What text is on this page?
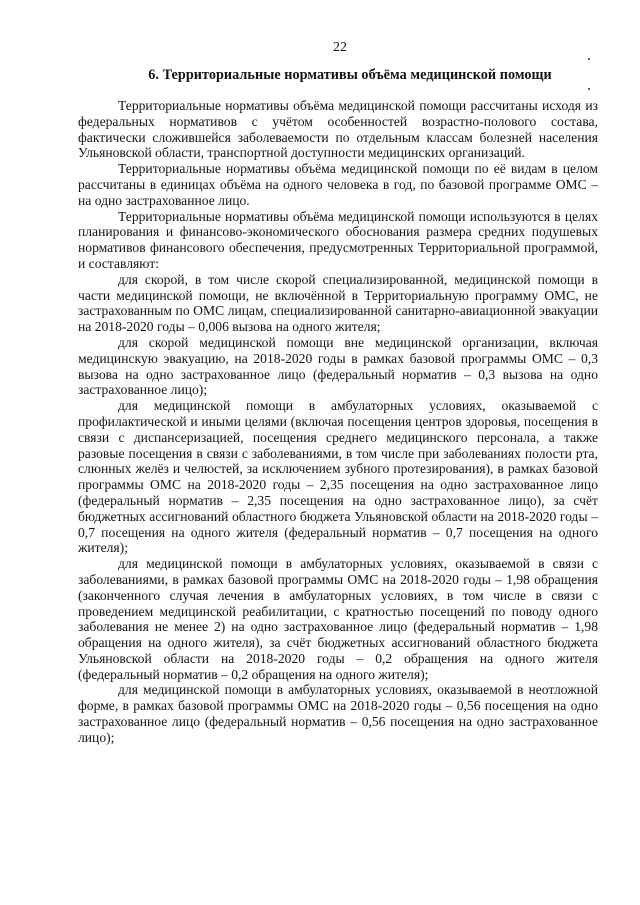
22
6. Территориальные нормативы объёма медицинской помощи

Территориальные нормативы объёма медицинской помощи рассчитаны исходя из федеральных нормативов с учётом особенностей возрастно-полового состава, фактически сложившейся заболеваемости по отдельным классам болезней населения Ульяновской области, транспортной доступности медицинских организаций.

Территориальные нормативы объёма медицинской помощи по её видам в целом рассчитаны в единицах объёма на одного человека в год, по базовой программе ОМС – на одно застрахованное лицо.

Территориальные нормативы объёма медицинской помощи используются в целях планирования и финансово-экономического обоснования размера средних подушевых нормативов финансового обеспечения, предусмотренных Территориальной программой, и составляют:

для скорой, в том числе скорой специализированной, медицинской помощи в части медицинской помощи, не включённой в Территориальную программу ОМС, не застрахованным по ОМС лицам, специализированной санитарно-авиационной эвакуации на 2018-2020 годы – 0,006 вызова на одного жителя;

для скорой медицинской помощи вне медицинской организации, включая медицинскую эвакуацию, на 2018-2020 годы в рамках базовой программы ОМС – 0,3 вызова на одно застрахованное лицо (федеральный норматив – 0,3 вызова на одно застрахованное лицо);

для медицинской помощи в амбулаторных условиях, оказываемой с профилактической и иными целями (включая посещения центров здоровья, посещения в связи с диспансеризацией, посещения среднего медицинского персонала, а также разовые посещения в связи с заболеваниями, в том числе при заболеваниях полости рта, слюнных желёз и челюстей, за исключением зубного протезирования), в рамках базовой программы ОМС на 2018-2020 годы – 2,35 посещения на одно застрахованное лицо (федеральный норматив – 2,35 посещения на одно застрахованное лицо), за счёт бюджетных ассигнований областного бюджета Ульяновской области на 2018-2020 годы – 0,7 посещения на одного жителя (федеральный норматив – 0,7 посещения на одного жителя);

для медицинской помощи в амбулаторных условиях, оказываемой в связи с заболеваниями, в рамках базовой программы ОМС на 2018-2020 годы – 1,98 обращения (законченного случая лечения в амбулаторных условиях, в том числе в связи с проведением медицинской реабилитации, с кратностью посещений по поводу одного заболевания не менее 2) на одно застрахованное лицо (федеральный норматив – 1,98 обращения на одного жителя), за счёт бюджетных ассигнований областного бюджета Ульяновской области на 2018-2020 годы – 0,2 обращения на одного жителя (федеральный норматив – 0,2 обращения на одного жителя);

для медицинской помощи в амбулаторных условиях, оказываемой в неотложной форме, в рамках базовой программы ОМС на 2018-2020 годы – 0,56 посещения на одно застрахованное лицо (федеральный норматив – 0,56 посещения на одно застрахованное лицо);
